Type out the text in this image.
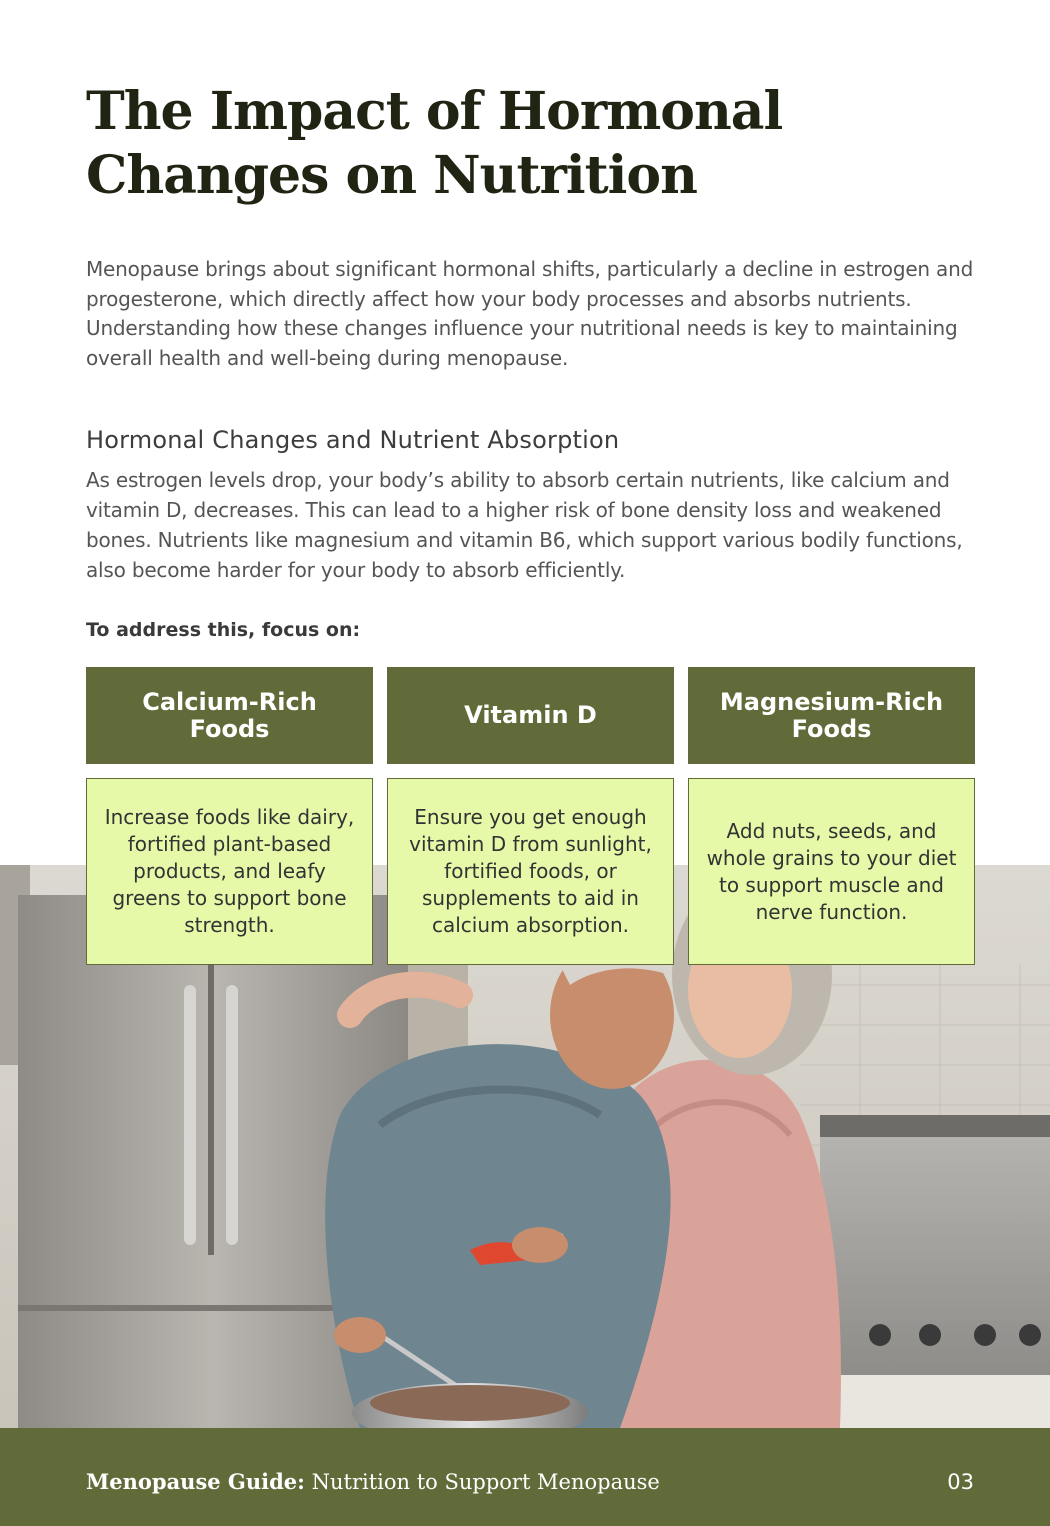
The Impact of Hormonal Changes on Nutrition

Menopause brings about significant hormonal shifts, particularly a decline in estrogen and progesterone, which directly affect how your body processes and absorbs nutrients. Understanding how these changes influence your nutritional needs is key to maintaining overall health and well-being during menopause.

Hormonal Changes and Nutrient Absorption

As estrogen levels drop, your body’s ability to absorb certain nutrients, like calcium and vitamin D, decreases. This can lead to a higher risk of bone density loss and weakened bones. Nutrients like magnesium and vitamin B6, which support various bodily functions, also become harder for your body to absorb efficiently.

To address this, focus on:

Calcium-Rich Foods	Vitamin D	Magnesium-Rich Foods
Increase foods like dairy, fortified plant-based products, and leafy greens to support bone strength.
Ensure you get enough vitamin D from sunlight, fortified foods, or supplements to aid in calcium absorption.
Add nuts, seeds, and whole grains to your diet to support muscle and nerve function.
Menopause Guide: Nutrition to Support Menopause	03
